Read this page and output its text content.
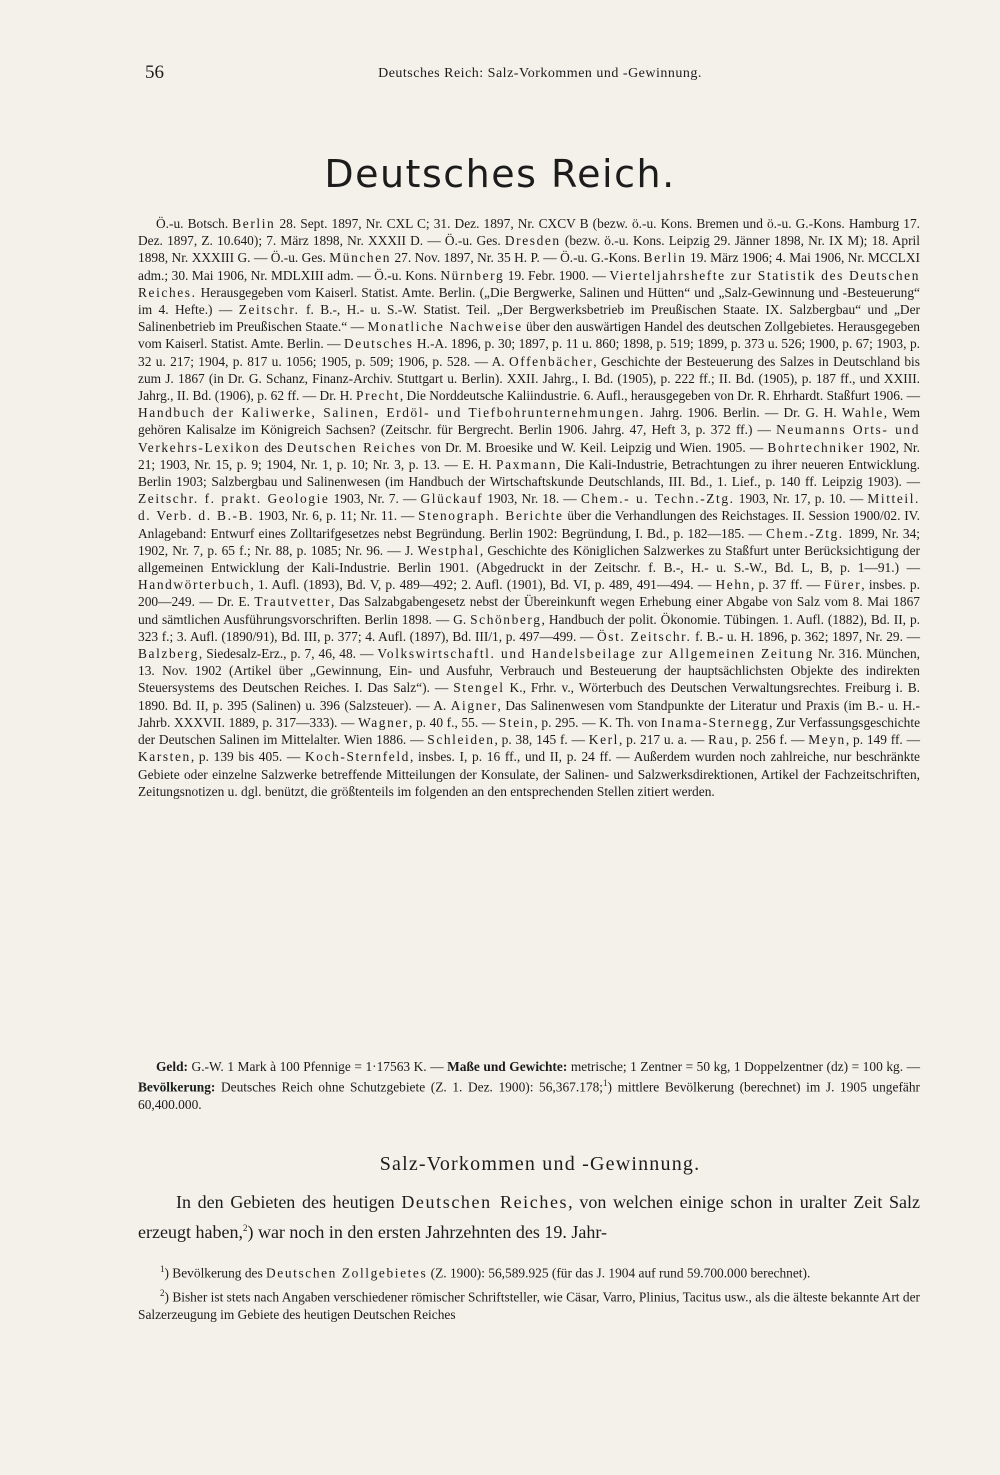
56	Deutsches Reich: Salz-Vorkommen und -Gewinnung.
Deutsches Reich.

Ö.-u. Botsch. Berlin 28. Sept. 1897, Nr. CXL C; 31. Dez. 1897, Nr. CXCV B (bezw. ö.-u. Kons. Bremen und ö.-u. G.-Kons. Hamburg 17. Dez. 1897, Z. 10.640); 7. März 1898, Nr. XXXII D. — Ö.-u. Ges. Dresden (bezw. ö.-u. Kons. Leipzig 29. Jänner 1898, Nr. IX M); 18. April 1898, Nr. XXXIII G. — Ö.-u. Ges. München 27. Nov. 1897, Nr. 35 H. P. — Ö.-u. G.-Kons. Berlin 19. März 1906; 4. Mai 1906, Nr. MCCLXI adm.; 30. Mai 1906, Nr. MDLXIII adm. — Ö.-u. Kons. Nürnberg 19. Febr. 1900. — Vierteljahrshefte zur Statistik des Deutschen Reiches. Herausgegeben vom Kaiserl. Statist. Amte. Berlin. („Die Bergwerke, Salinen und Hütten“ und „Salz-Gewinnung und -Besteuerung“ im 4. Hefte.) — Zeitschr. f. B.-, H.- u. S.-W. Statist. Teil. „Der Bergwerksbetrieb im Preußischen Staate. IX. Salzbergbau“ und „Der Salinenbetrieb im Preußischen Staate.“ — Monatliche Nachweise über den auswärtigen Handel des deutschen Zollgebietes. Herausgegeben vom Kaiserl. Statist. Amte. Berlin. — Deutsches H.-A. 1896, p. 30; 1897, p. 11 u. 860; 1898, p. 519; 1899, p. 373 u. 526; 1900, p. 67; 1903, p. 32 u. 217; 1904, p. 817 u. 1056; 1905, p. 509; 1906, p. 528. — A. Offenbächer, Geschichte der Besteuerung des Salzes in Deutschland bis zum J. 1867 (in Dr. G. Schanz, Finanz-Archiv. Stuttgart u. Berlin). XXII. Jahrg., I. Bd. (1905), p. 222 ff.; II. Bd. (1905), p. 187 ff., und XXIII. Jahrg., II. Bd. (1906), p. 62 ff. — Dr. H. Precht, Die Norddeutsche Kaliindustrie. 6. Aufl., herausgegeben von Dr. R. Ehrhardt. Staßfurt 1906. — Handbuch der Kaliwerke, Salinen, Erdöl- und Tiefbohrunternehmungen. Jahrg. 1906. Berlin. — Dr. G. H. Wahle, Wem gehören Kalisalze im Königreich Sachsen? (Zeitschr. für Bergrecht. Berlin 1906. Jahrg. 47, Heft 3, p. 372 ff.) — Neumanns Orts- und Verkehrs-Lexikon des Deutschen Reiches von Dr. M. Broesike und W. Keil. Leipzig und Wien. 1905. — Bohrtechniker 1902, Nr. 21; 1903, Nr. 15, p. 9; 1904, Nr. 1, p. 10; Nr. 3, p. 13. — E. H. Paxmann, Die Kali-Industrie, Betrachtungen zu ihrer neueren Entwicklung. Berlin 1903; Salzbergbau und Salinenwesen (im Handbuch der Wirtschaftskunde Deutschlands, III. Bd., 1. Lief., p. 140 ff. Leipzig 1903). — Zeitschr. f. prakt. Geologie 1903, Nr. 7. — Glückauf 1903, Nr. 18. — Chem.- u. Techn.-Ztg. 1903, Nr. 17, p. 10. — Mitteil. d. Verb. d. B.-B. 1903, Nr. 6, p. 11; Nr. 11. — Stenograph. Berichte über die Verhandlungen des Reichstages. II. Session 1900/02. IV. Anlageband: Entwurf eines Zolltarifgesetzes nebst Begründung. Berlin 1902: Begründung, I. Bd., p. 182—185. — Chem.-Ztg. 1899, Nr. 34; 1902, Nr. 7, p. 65 f.; Nr. 88, p. 1085; Nr. 96. — J. Westphal, Geschichte des Königlichen Salzwerkes zu Staßfurt unter Berücksichtigung der allgemeinen Entwicklung der Kali-Industrie. Berlin 1901. (Abgedruckt in der Zeitschr. f. B.-, H.- u. S.-W., Bd. L, B, p. 1—91.) — Handwörterbuch, 1. Aufl. (1893), Bd. V, p. 489—492; 2. Aufl. (1901), Bd. VI, p. 489, 491—494. — Hehn, p. 37 ff. — Fürer, insbes. p. 200—249. — Dr. E. Trautvetter, Das Salzabgabengesetz nebst der Übereinkunft wegen Erhebung einer Abgabe von Salz vom 8. Mai 1867 und sämtlichen Ausführungsvorschriften. Berlin 1898. — G. Schönberg, Handbuch der polit. Ökonomie. Tübingen. 1. Aufl. (1882), Bd. II, p. 323 f.; 3. Aufl. (1890/91), Bd. III, p. 377; 4. Aufl. (1897), Bd. III/1, p. 497—499. — Öst. Zeitschr. f. B.- u. H. 1896, p. 362; 1897, Nr. 29. — Balzberg, Siedesalz-Erz., p. 7, 46, 48. — Volkswirtschaftl. und Handelsbeilage zur Allgemeinen Zeitung Nr. 316. München, 13. Nov. 1902 (Artikel über „Gewinnung, Ein- und Ausfuhr, Verbrauch und Besteuerung der hauptsächlichsten Objekte des indirekten Steuersystems des Deutschen Reiches. I. Das Salz“). — Stengel K., Frhr. v., Wörterbuch des Deutschen Verwaltungsrechtes. Freiburg i. B. 1890. Bd. II, p. 395 (Salinen) u. 396 (Salzsteuer). — A. Aigner, Das Salinenwesen vom Standpunkte der Literatur und Praxis (im B.- u. H.-Jahrb. XXXVII. 1889, p. 317—333). — Wagner, p. 40 f., 55. — Stein, p. 295. — K. Th. von Inama-Sternegg, Zur Verfassungsgeschichte der Deutschen Salinen im Mittelalter. Wien 1886. — Schleiden, p. 38, 145 f. — Kerl, p. 217 u. a. — Rau, p. 256 f. — Meyn, p. 149 ff. — Karsten, p. 139 bis 405. — Koch-Sternfeld, insbes. I, p. 16 ff., und II, p. 24 ff. — Außerdem wurden noch zahlreiche, nur beschränkte Gebiete oder einzelne Salzwerke betreffende Mitteilungen der Konsulate, der Salinen- und Salzwerksdirektionen, Artikel der Fachzeitschriften, Zeitungsnotizen u. dgl. benützt, die größtenteils im folgenden an den entsprechenden Stellen zitiert werden.

Geld: G.-W. 1 Mark à 100 Pfennige = 1·17563 K. — Maße und Gewichte: metrische; 1 Zentner = 50 kg, 1 Doppelzentner (dz) = 100 kg. — Bevölkerung: Deutsches Reich ohne Schutzgebiete (Z. 1. Dez. 1900): 56,367.178;$^1$) mittlere Bevölkerung (berechnet) im J. 1905 ungefähr 60,400.000.
Salz-Vorkommen und -Gewinnung.
In den Gebieten des heutigen Deutschen Reiches, von welchen einige schon in uralter Zeit Salz erzeugt haben,$^2$) war noch in den ersten Jahrzehnten des 19. Jahr-

$^1$) Bevölkerung des Deutschen Zollgebietes (Z. 1900): 56,589.925 (für das J. 1904 auf rund 59.700.000 berechnet).

$^2$) Bisher ist stets nach Angaben verschiedener römischer Schriftsteller, wie Cäsar, Varro, Plinius, Tacitus usw., als die älteste bekannte Art der Salzerzeugung im Gebiete des heutigen Deutschen Reiches
